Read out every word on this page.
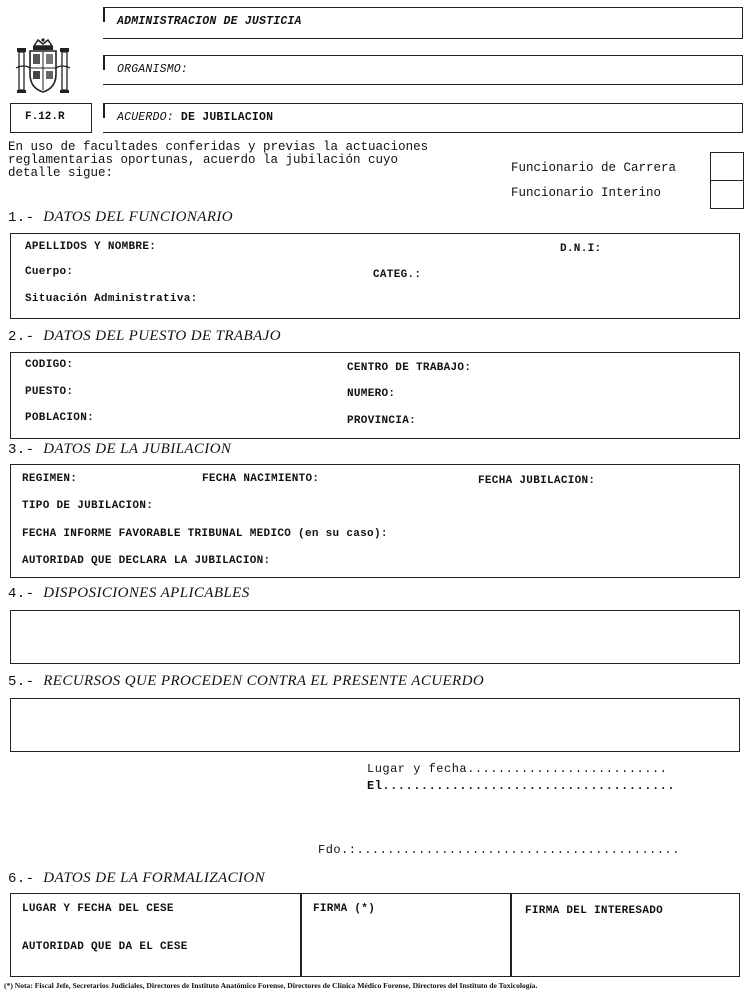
ADMINISTRACION DE JUSTICIA
ORGANISMO:
F.12.R	ACUERDO: DE JUBILACION
En uso de facultades conferidas y previas la actuaciones
reglamentarias oportunas, acuerdo la jubilación cuyo
detalle sigue:	Funcionario de Carrera
Funcionario Interino
1.- DATOS DEL FUNCIONARIO
APELLIDOS Y NOMBRE:	D.N.I:
Cuerpo:	CATEG.:
Situación Administrativa:
2.- DATOS DEL PUESTO DE TRABAJO
CODIGO:	CENTRO DE TRABAJO:
PUESTO:	NUMERO:
POBLACION:	PROVINCIA:
3.- DATOS DE LA JUBILACION
REGIMEN:	FECHA NACIMIENTO:	FECHA JUBILACION:
TIPO DE JUBILACION:
FECHA INFORME FAVORABLE TRIBUNAL MEDICO (en su caso):
AUTORIDAD QUE DECLARA LA JUBILACION:
4.- DISPOSICIONES APLICABLES
5.- RECURSOS QUE PROCEDEN CONTRA EL PRESENTE ACUERDO
Lugar y fecha..........................
El......................................
Fdo.:..........................................
6.- DATOS DE LA FORMALIZACION
LUGAR Y FECHA DEL CESE
AUTORIDAD QUE DA EL CESE
FIRMA (*)	FIRMA DEL INTERESADO
(*) Nota: Fiscal Jefe, Secretarios Judiciales, Directores de Instituto Anatómico Forense, Directores de Clínica Médico Forense, Directores del Instituto de Toxicología.
